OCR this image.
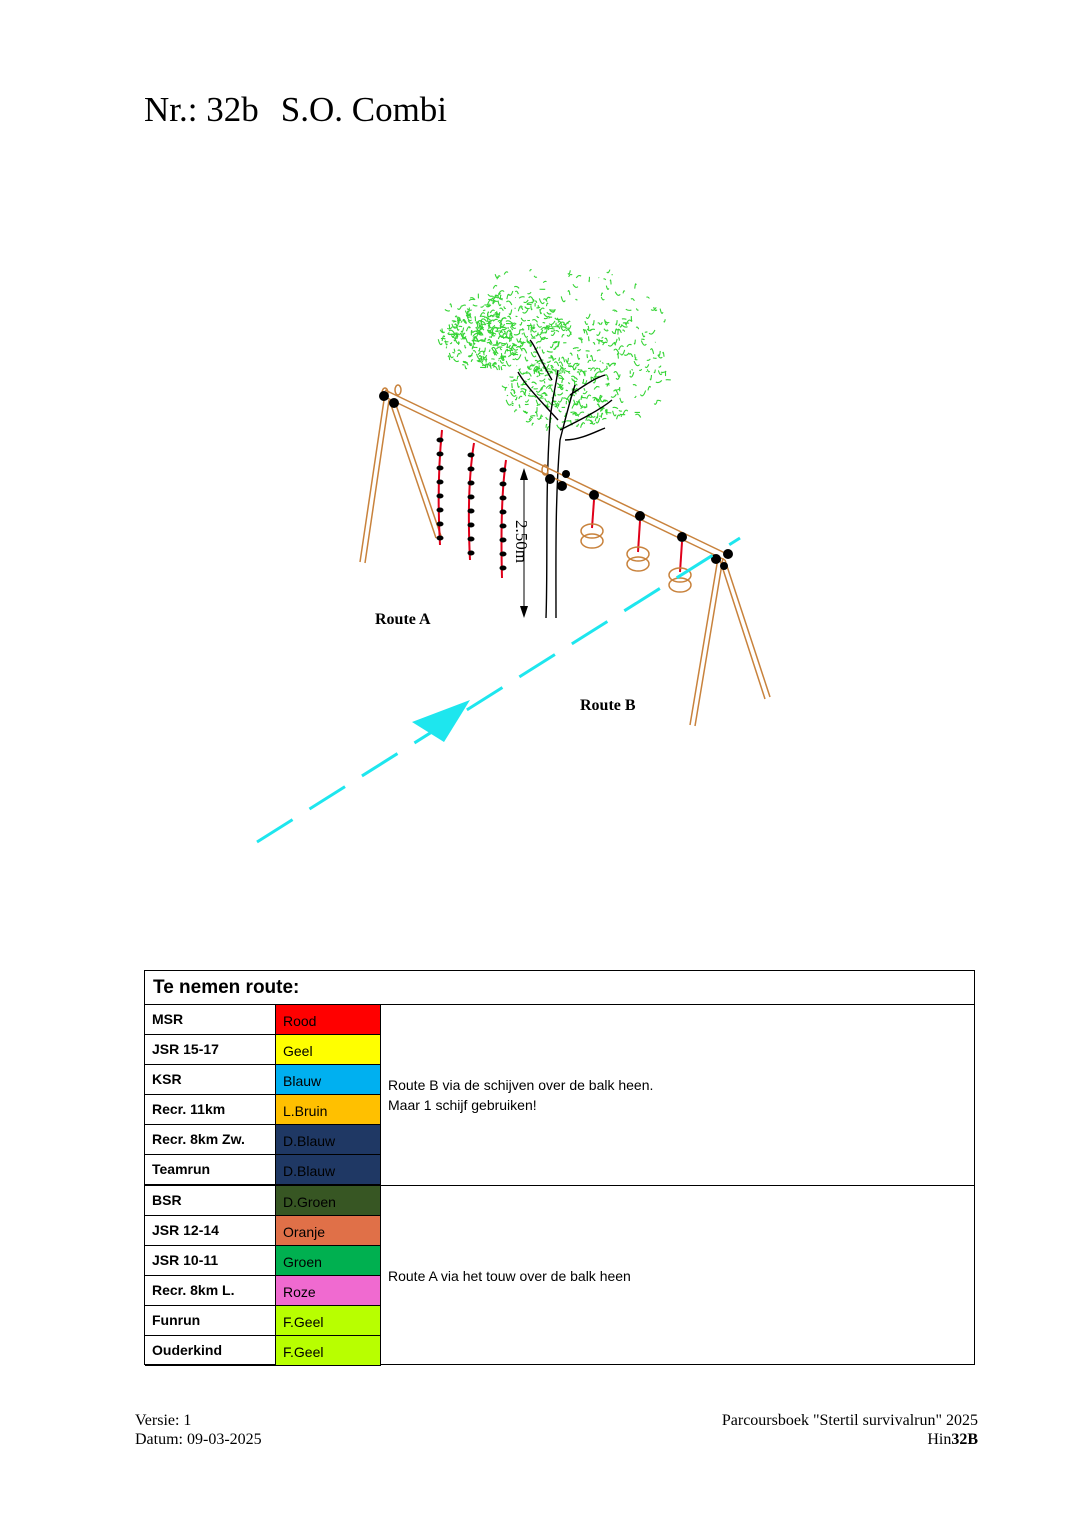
Nr.: 32b S.O. Combi
2.50m
Route A
Route B
Te nemen route:
MSR	Rood
JSR 15-17	Geel
KSR	Blauw
Recr. 11km	L.Bruin
Recr. 8km Zw.	D.Blauw
Teamrun	D.Blauw
Route B via de schijven over de balk heen.
Maar 1 schijf gebruiken!
BSR	D.Groen
JSR 12-14	Oranje
JSR 10-11	Groen
Recr. 8km L.	Roze
Funrun	F.Geel
Ouderkind	F.Geel
Route A via het touw over de balk heen
Versie: 1
Datum: 09-03-2025
Parcoursboek "Stertil survivalrun" 2025
Hin32B
